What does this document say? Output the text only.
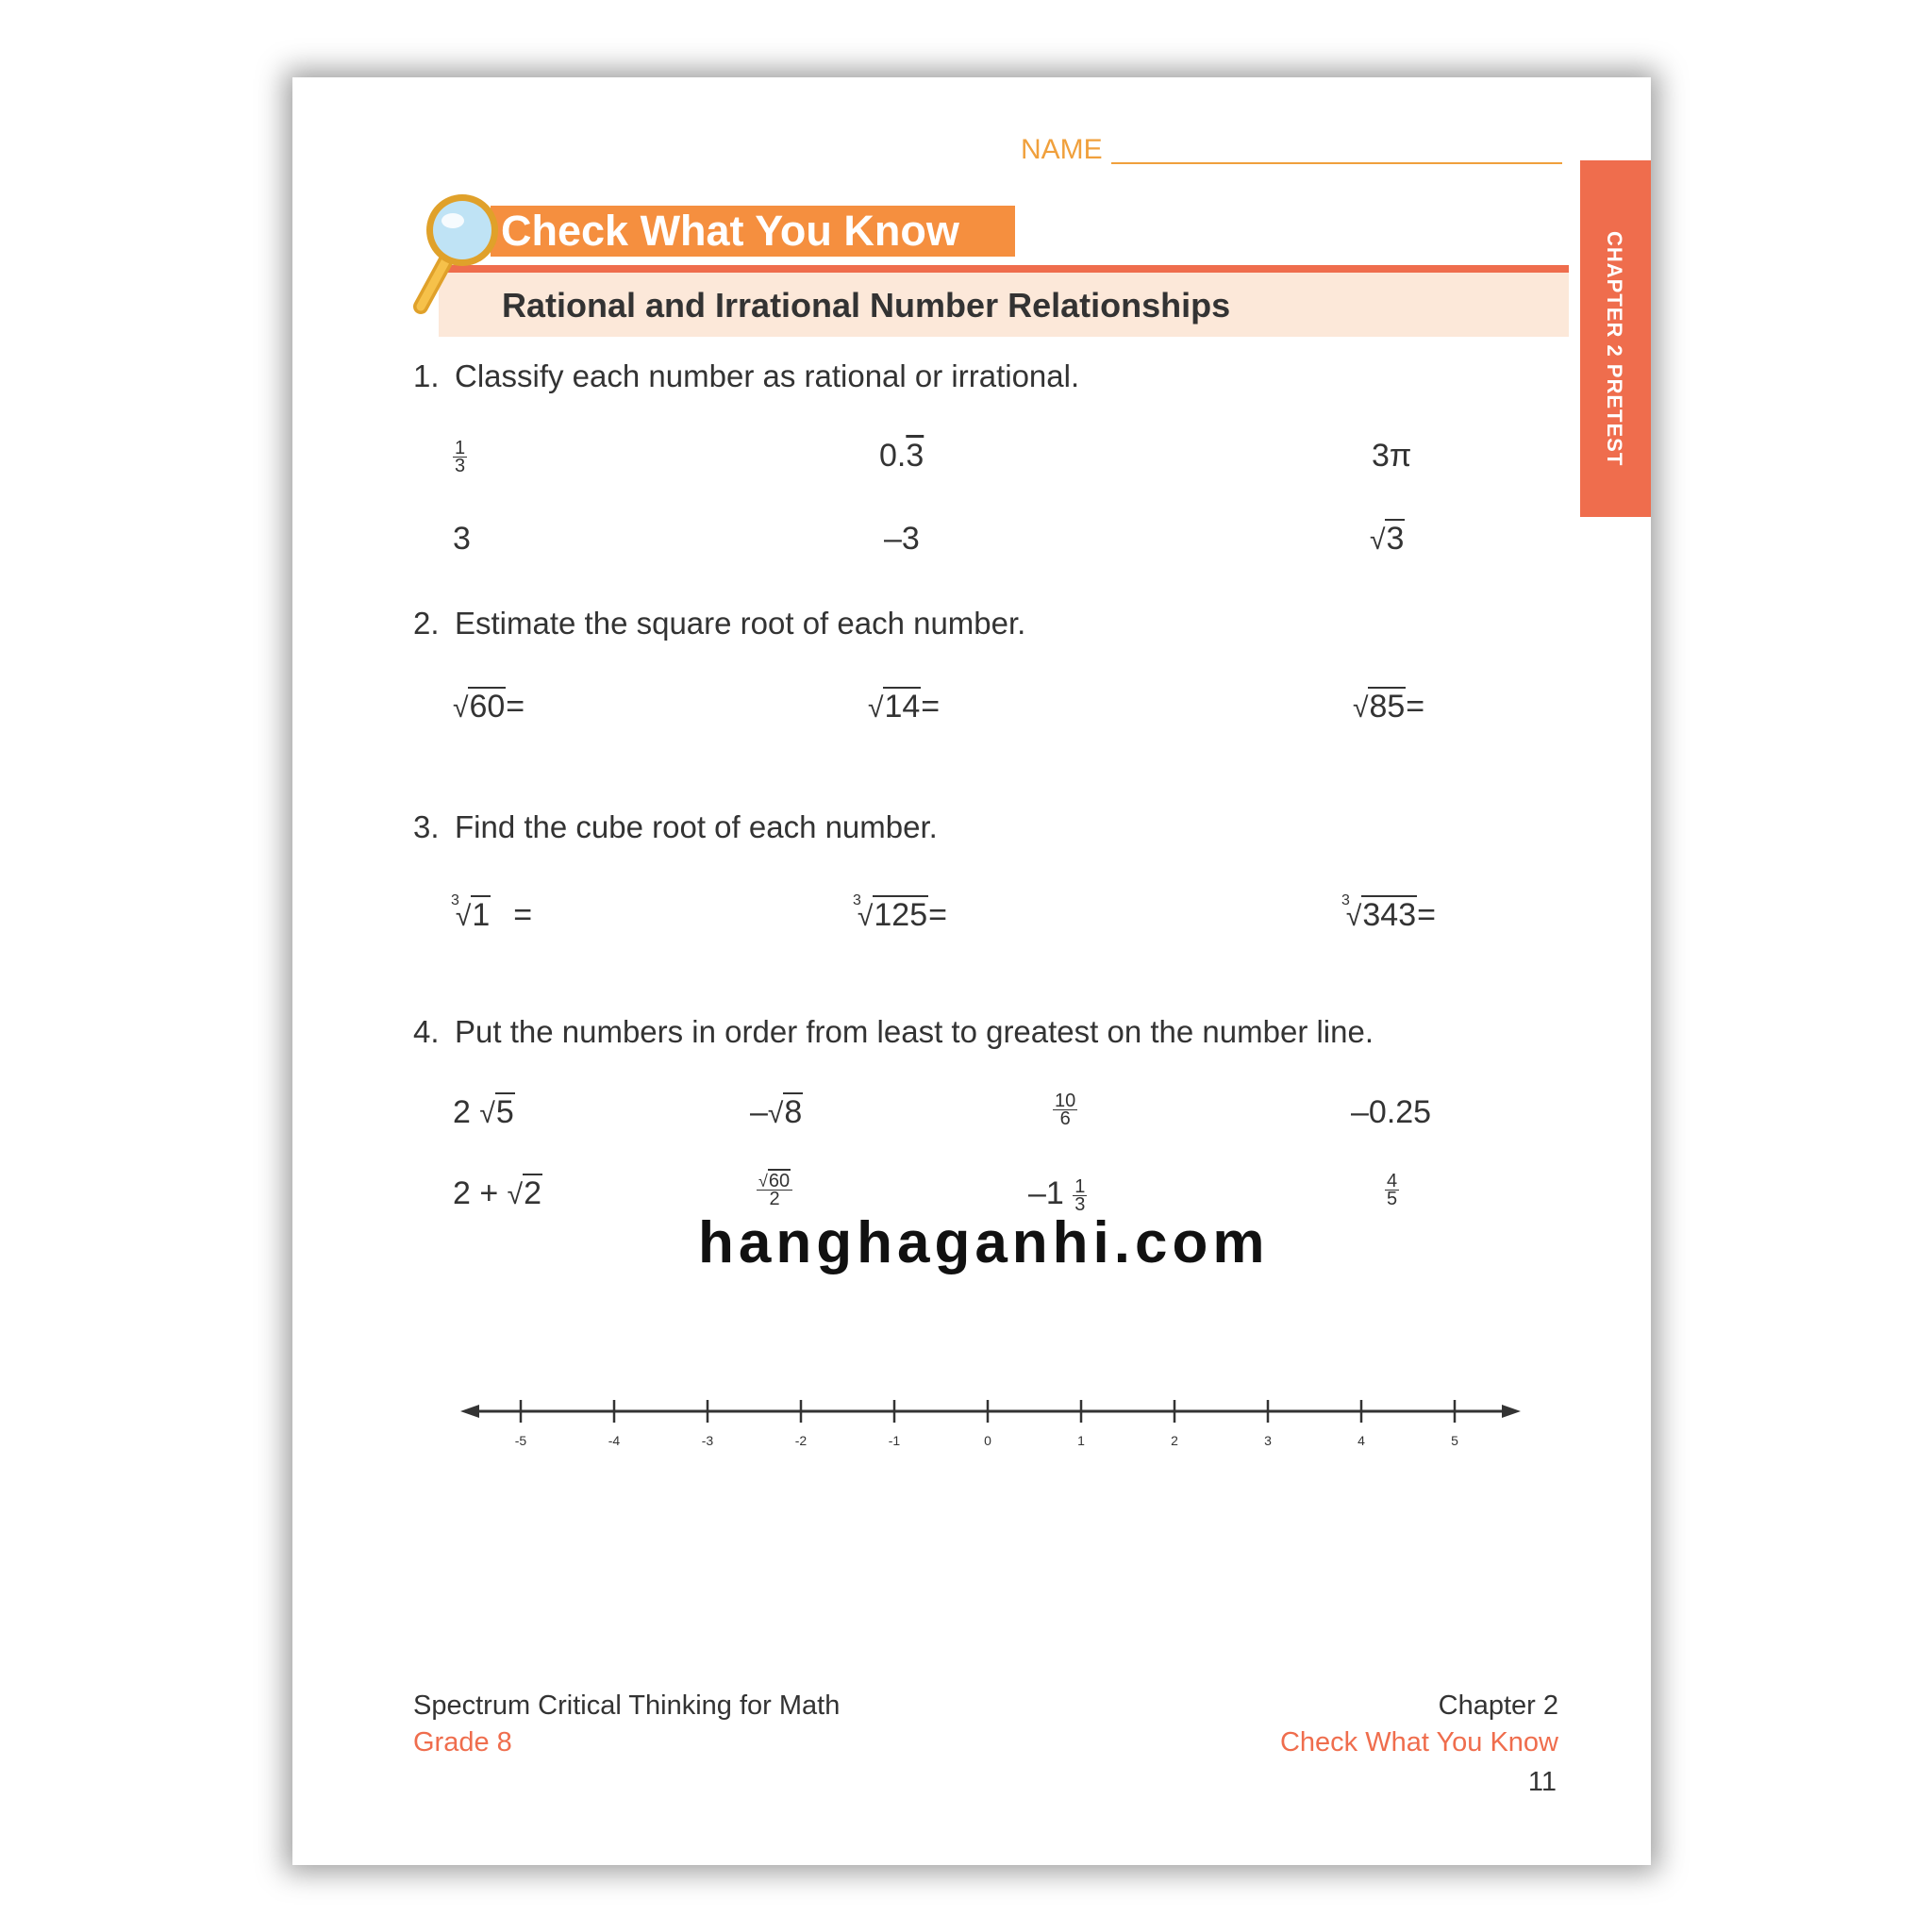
NAME
Check What You Know
Rational and Irrational Number Relationships	CHAPTER 2 PRETEST
1. Classify each number as rational or irrational.
$\frac{1}{3}$	0.3	3π
3	–3	√3
2. Estimate the square root of each number.
√60=	√14=	√85=
3. Find the cube root of each number.
$^3$√1 =	$^3$√125=	$^3$√343=
4. Put the numbers in order from least to greatest on the number line.
2 √5	–√8	$\frac{10}{6}$	–0.25
2 + √2	$\frac{√60}{2}$	$-1 \frac{1}{3}$	$\frac{4}{5}$
hanghaganhi.com
-5	-4	-3	-2	-1	0	1	2	3	4	5
Spectrum Critical Thinking for Math
Grade 8
Chapter 2
Check What You Know
11
